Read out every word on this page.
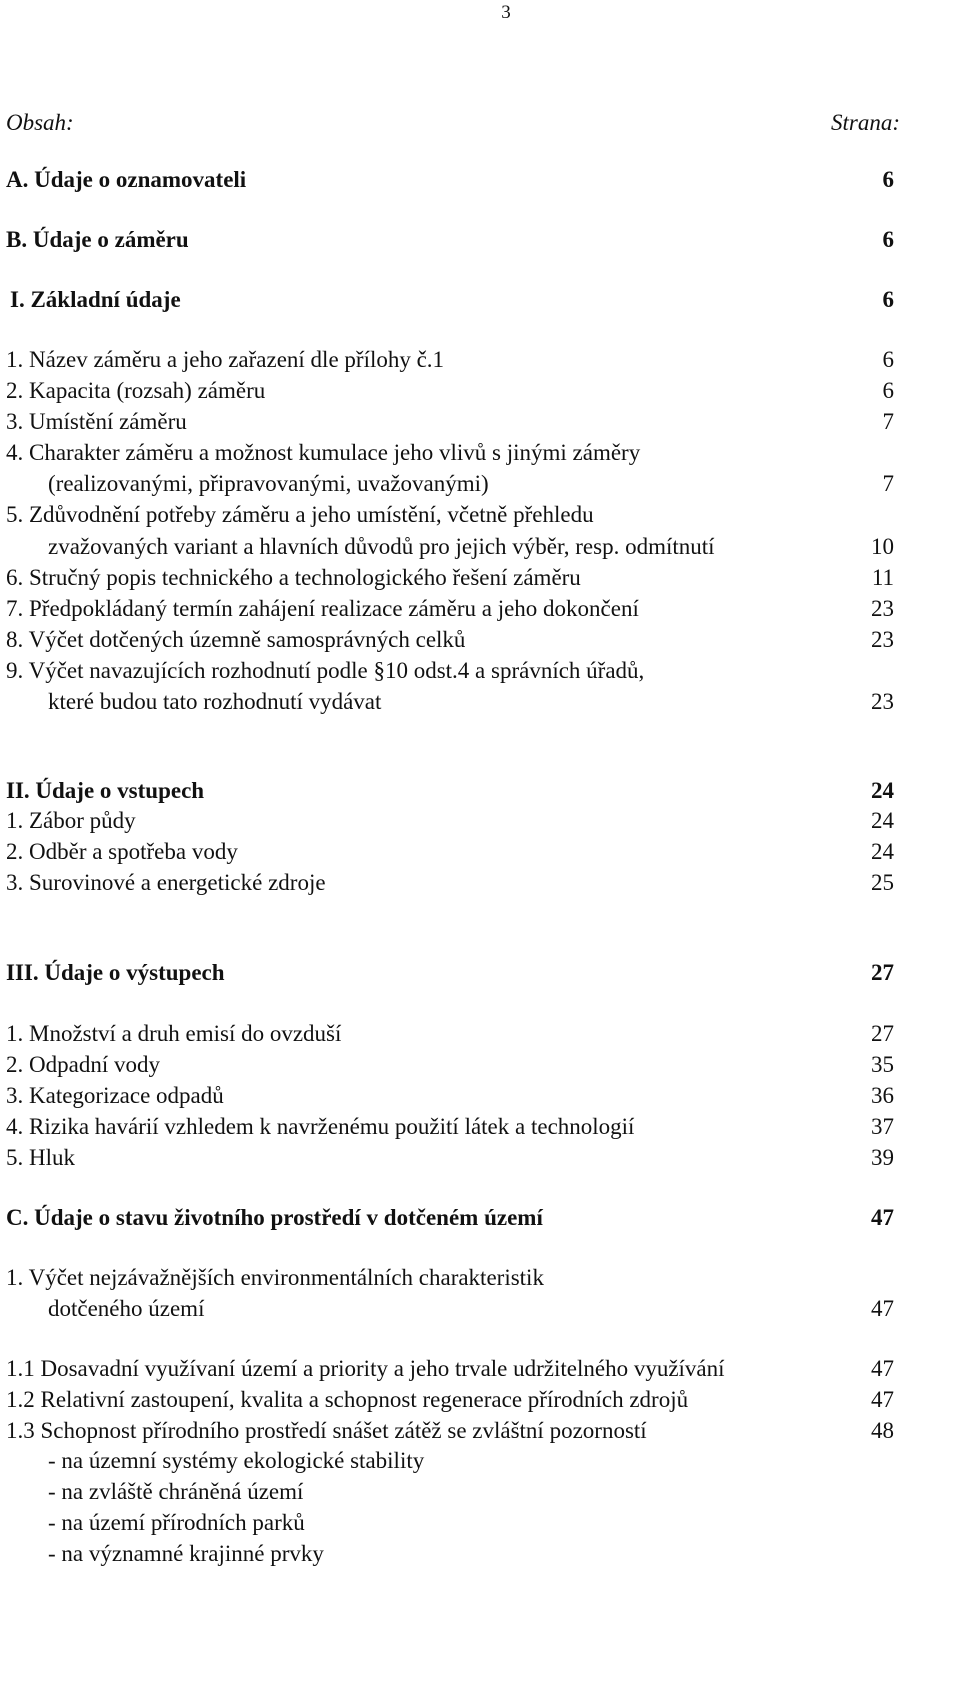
3
Obsah:	Strana:
A. Údaje o oznamovateli	6
B. Údaje o záměru	6
I. Základní údaje	6
1. Název záměru a jeho zařazení dle přílohy č.1	6
2. Kapacita (rozsah) záměru	6
3. Umístění záměru	7
4. Charakter záměru a možnost kumulace jeho vlivů s jinými záměry
(realizovanými, připravovanými, uvažovanými)	7
5. Zdůvodnění potřeby záměru a jeho umístění, včetně přehledu
zvažovaných variant a hlavních důvodů pro jejich výběr, resp. odmítnutí	10
6. Stručný popis technického a technologického řešení záměru	11
7. Předpokládaný termín zahájení realizace záměru a jeho dokončení	23
8. Výčet dotčených územně samosprávných celků	23
9. Výčet navazujících rozhodnutí podle §10 odst.4 a správních úřadů,
které budou tato rozhodnutí vydávat	23
II. Údaje o vstupech	24
1. Zábor půdy	24
2. Odběr a spotřeba vody	24
3. Surovinové a energetické zdroje	25
III. Údaje o výstupech	27
1. Množství a druh emisí do ovzduší	27
2. Odpadní vody	35
3. Kategorizace odpadů	36
4. Rizika havárií vzhledem k navrženému použití látek a technologií	37
5. Hluk	39
C. Údaje o stavu životního prostředí v dotčeném území	47
1. Výčet nejzávažnějších environmentálních charakteristik
dotčeného území	47
1.1 Dosavadní využívaní území a priority a jeho trvale udržitelného využívání	47
1.2 Relativní zastoupení, kvalita a schopnost regenerace přírodních zdrojů	47
1.3 Schopnost přírodního prostředí snášet zátěž se zvláštní pozorností	48
- na územní systémy ekologické stability
- na zvláště chráněná území
- na území přírodních parků
- na významné krajinné prvky
